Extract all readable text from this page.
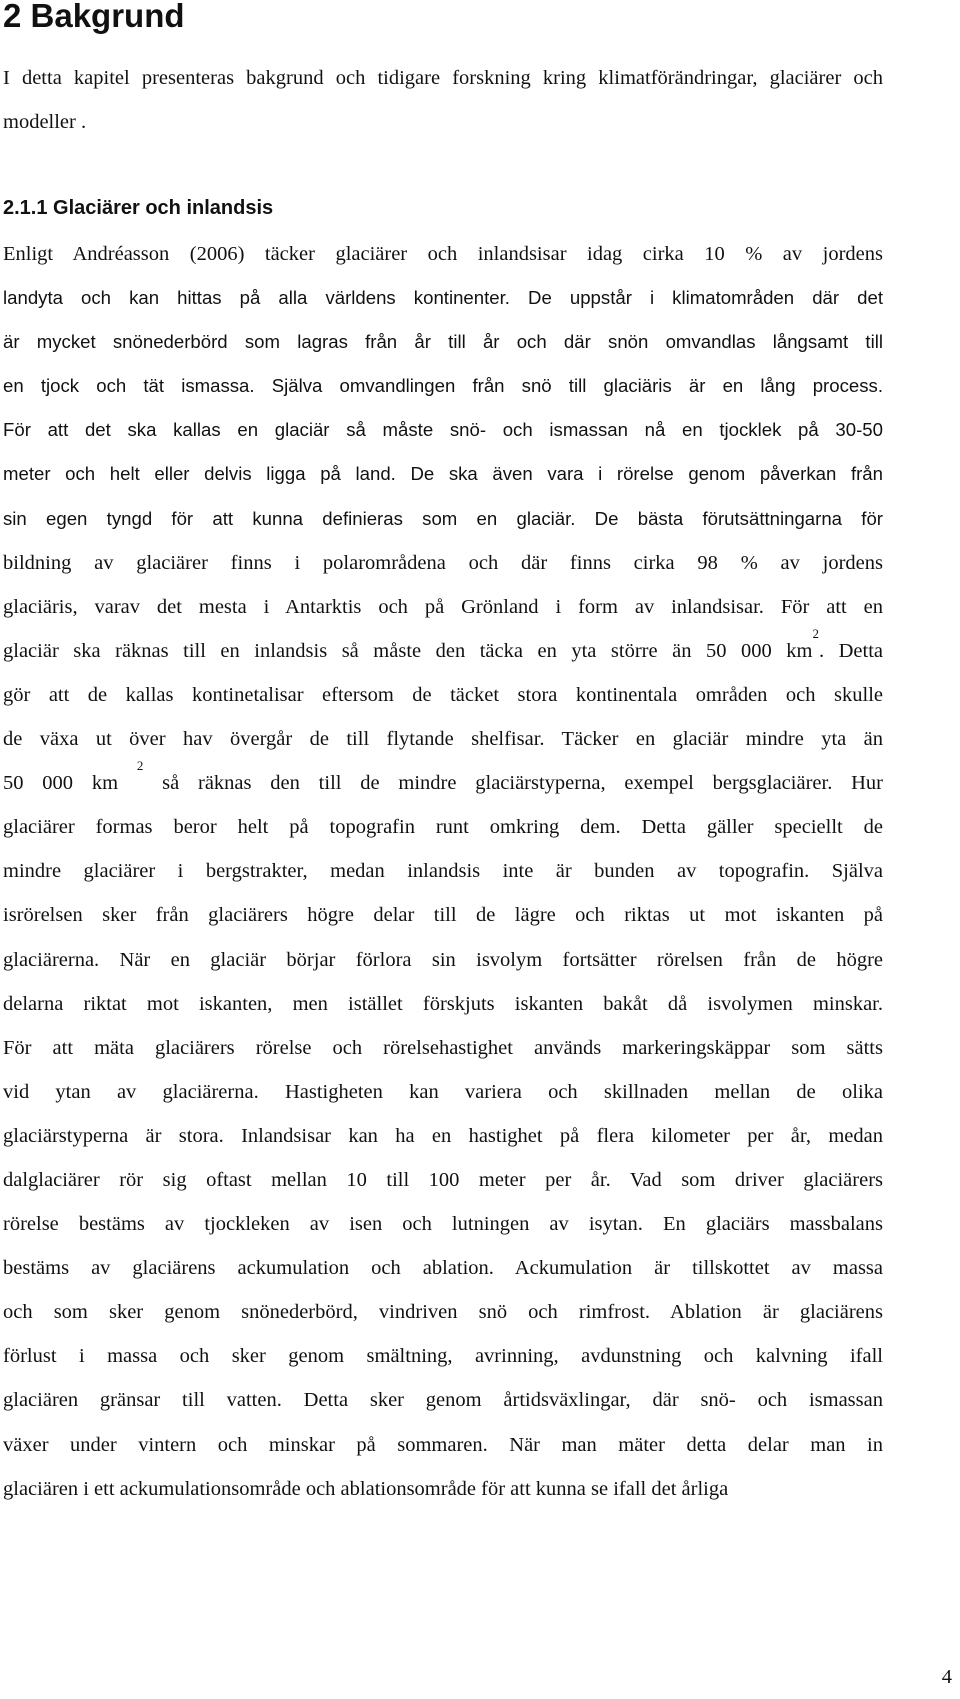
2 Bakgrund

I detta kapitel presenteras bakgrund och tidigare forskning kring klimatförändringar, glaciärer och modeller .

2.1.1 Glaciärer och inlandsis
Enligt Andréasson (2006) täcker glaciärer och inlandsisar idag cirka 10 % av jordens
landyta och kan hittas på alla världens kontinenter. De uppstår i klimatområden där det
är mycket snönederbörd som lagras från år till år och där snön omvandlas långsamt till
en tjock och tät ismassa. Själva omvandlingen från snö till glaciäris är en lång process.
För att det ska kallas en glaciär så måste snö- och ismassan nå en tjocklek på 30-50
meter och helt eller delvis ligga på land. De ska även vara i rörelse genom påverkan från
sin egen tyngd för att kunna definieras som en glaciär. De bästa förutsättningarna för
bildning av glaciärer finns i polarområdena och där finns cirka 98 % av jordens
glaciäris, varav det mesta i Antarktis och på Grönland i form av inlandsisar. För att en
glaciär ska räknas till en inlandsis så måste den täcka en yta större än 50 000 $km^2$. Detta
gör att de kallas kontinetalisar eftersom de täcket stora kontinentala områden och skulle
de växa ut över hav övergår de till flytande shelfisar. Täcker en glaciär mindre yta än
50 000 km $^2$ så räknas den till de mindre glaciärstyperna, exempel bergsglaciärer. Hur
glaciärer formas beror helt på topografin runt omkring dem. Detta gäller speciellt de
mindre glaciärer i bergstrakter, medan inlandsis inte är bunden av topografin. Själva
isrörelsen sker från glaciärers högre delar till de lägre och riktas ut mot iskanten på
glaciärerna. När en glaciär börjar förlora sin isvolym fortsätter rörelsen från de högre
delarna riktat mot iskanten, men istället förskjuts iskanten bakåt då isvolymen minskar.
För att mäta glaciärers rörelse och rörelsehastighet används markeringskäppar som sätts
vid ytan av glaciärerna. Hastigheten kan variera och skillnaden mellan de olika
glaciärstyperna är stora. Inlandsisar kan ha en hastighet på flera kilometer per år, medan
dalglaciärer rör sig oftast mellan 10 till 100 meter per år. Vad som driver glaciärers
rörelse bestäms av tjockleken av isen och lutningen av isytan. En glaciärs massbalans
bestäms av glaciärens ackumulation och ablation. Ackumulation är tillskottet av massa
och som sker genom snönederbörd, vindriven snö och rimfrost. Ablation är glaciärens
förlust i massa och sker genom smältning, avrinning, avdunstning och kalvning ifall
glaciären gränsar till vatten. Detta sker genom årtidsväxlingar, där snö- och ismassan
växer under vintern och minskar på sommaren. När man mäter detta delar man in
glaciären i ett ackumulationsområde och ablationsområde för att kunna se ifall det årliga
4
